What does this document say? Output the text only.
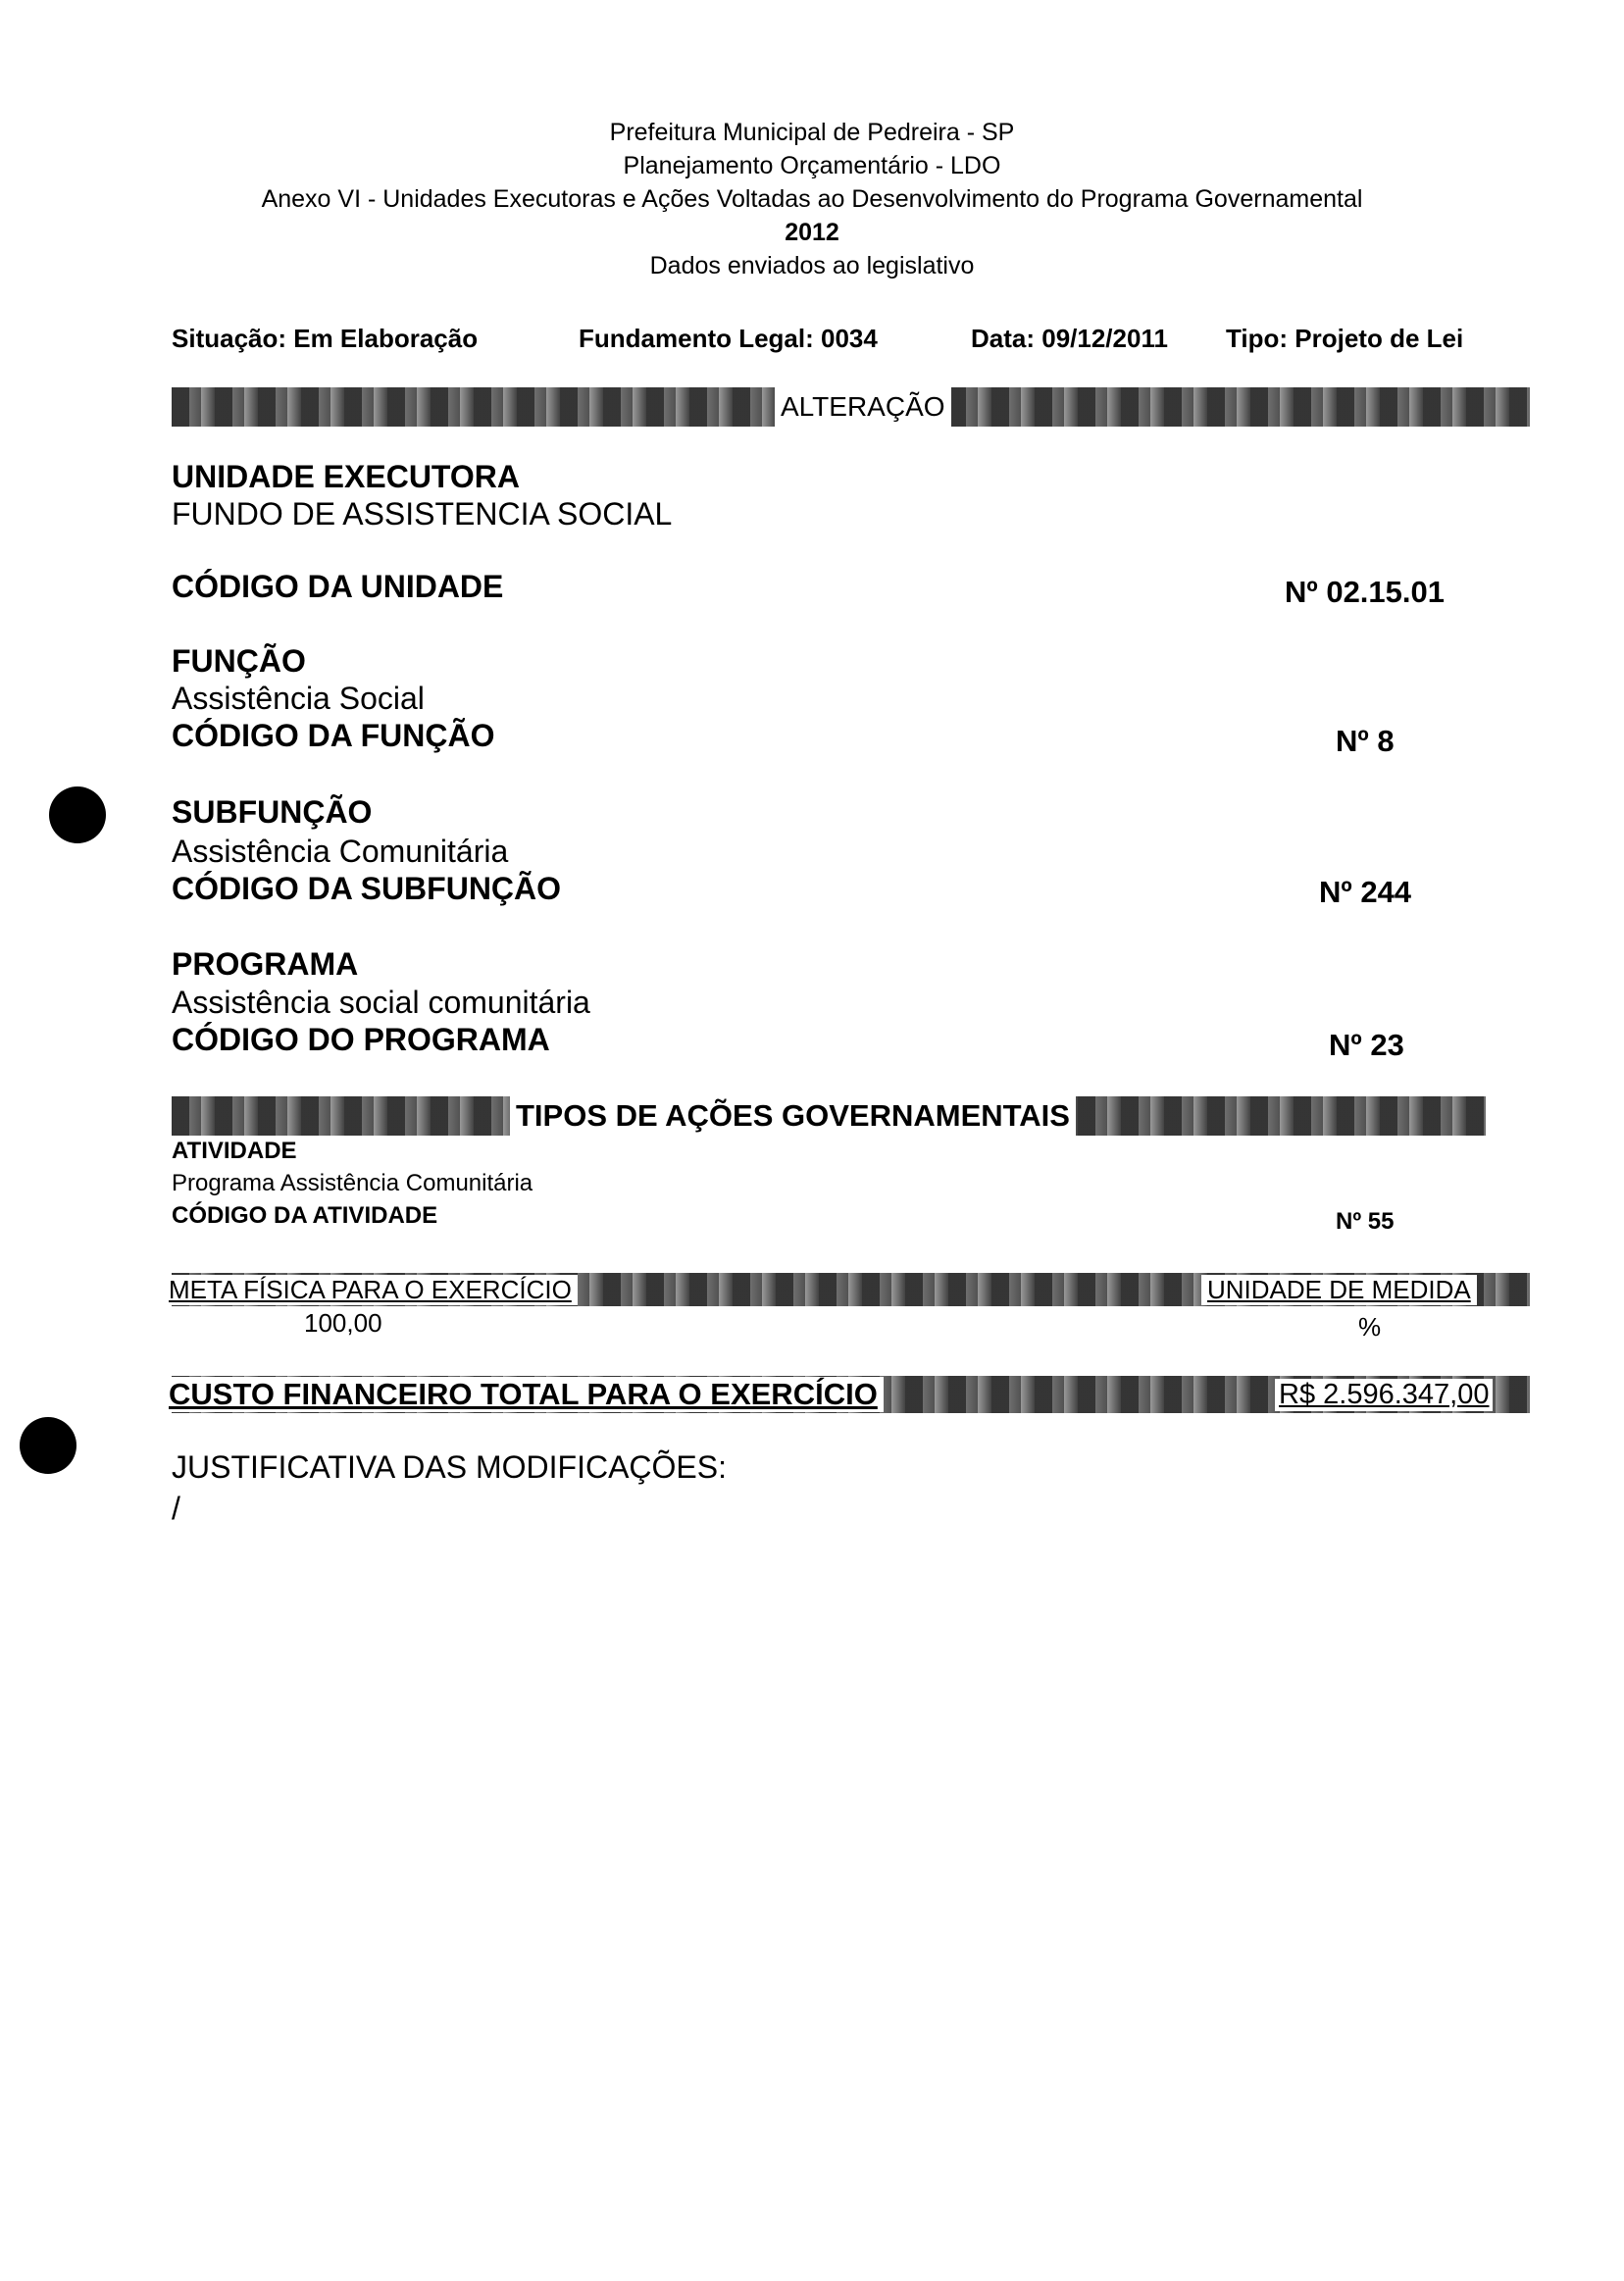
Prefeitura Municipal de Pedreira - SP
Planejamento Orçamentário - LDO
Anexo VI - Unidades Executoras e Ações Voltadas ao Desenvolvimento do Programa Governamental
2012
Dados enviados ao legislativo
Situação: Em Elaboração	Fundamento Legal: 0034	Data: 09/12/2011 Tipo: Projeto de Lei
ALTERAÇÃO
UNIDADE EXECUTORA
FUNDO DE ASSISTENCIA SOCIAL
CÓDIGO DA UNIDADE	Nº 02.15.01
FUNÇÃO
Assistência Social
CÓDIGO DA FUNÇÃO	Nº 8
SUBFUNÇÃO
Assistência Comunitária
CÓDIGO DA SUBFUNÇÃO	Nº 244
PROGRAMA
Assistência social comunitária
CÓDIGO DO PROGRAMA	Nº 23
TIPOS DE AÇÕES GOVERNAMENTAIS
ATIVIDADE
Programa Assistência Comunitária
CÓDIGO DA ATIVIDADE	Nº 55
META FÍSICA PARA O EXERCÍCIO	UNIDADE DE MEDIDA
100,00	%
CUSTO FINANCEIRO TOTAL PARA O EXERCÍCIO	R$ 2.596.347,00
JUSTIFICATIVA DAS MODIFICAÇÕES:
/
